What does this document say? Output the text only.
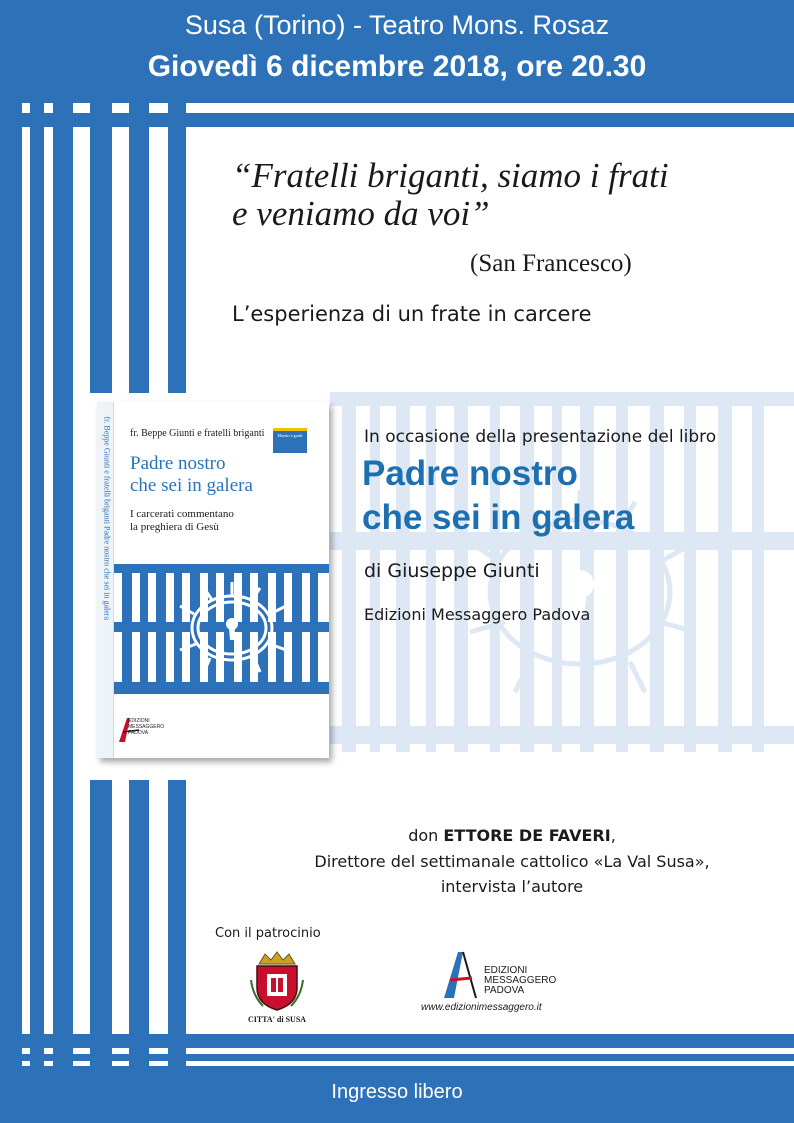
Susa (Torino) - Teatro Mons. Rosaz
Giovedì 6 dicembre 2018, ore 20.30
“Fratelli briganti, siamo i frati
e veniamo da voi”
(San Francesco)
L’esperienza di un frate in carcere
fr. Beppe Giunti e fratelli briganti Padre nostro che sei in galera fr. Beppe Giunti e fratelli briganti	Maestri e guide
Padre nostro
che sei in galera
I carcerati commentano
la preghiera di Gesù
EDIZIONI
MESSAGGERO
PADOVA
In occasione della presentazione del libro
Padre nostro
che sei in galera
di Giuseppe Giunti
Edizioni Messaggero Padova
don ETTORE DE FAVERI,
Direttore del settimanale cattolico «La Val Susa»,
intervista l’autore
Con il patrocinio
CITTA' di SUSA
EDIZIONI
MESSAGGERO
PADOVA
www.edizionimessaggero.it
Ingresso libero
